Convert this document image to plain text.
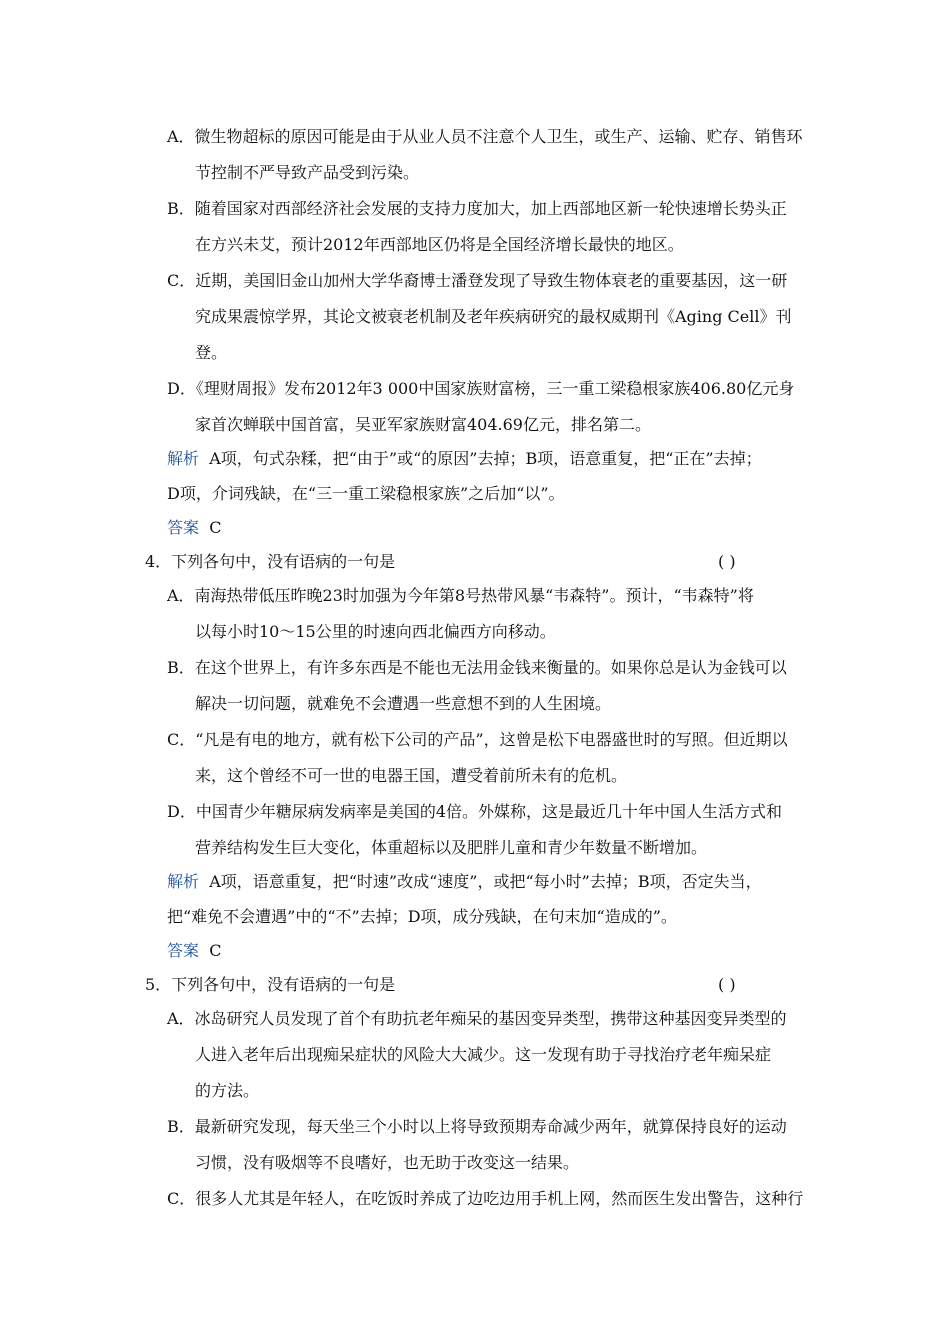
A．微生物超标的原因可能是由于从业人员不注意个人卫生，或生产、运输、贮存、销售环
节控制不严导致产品受到污染。
B．随着国家对西部经济社会发展的支持力度加大，加上西部地区新一轮快速增长势头正
在方兴未艾，预计2012年西部地区仍将是全国经济增长最快的地区。
C．近期，美国旧金山加州大学华裔博士潘登发现了导致生物体衰老的重要基因，这一研
究成果震惊学界，其论文被衰老机制及老年疾病研究的最权威期刊《Aging Cell》刊
登。
D．《理财周报》发布2012年3 000中国家族财富榜，三一重工梁稳根家族406.80亿元身
家首次蝉联中国首富，吴亚军家族财富404.69亿元，排名第二。
解析 A项，句式杂糅，把“由于”或“的原因”去掉；B项，语意重复，把“正在”去掉；
D项，介词残缺，在“三一重工梁稳根家族”之后加“以”。
答案 C
4．下列各句中，没有语病的一句是	( )
A．南海热带低压昨晚23时加强为今年第8号热带风暴“韦森特”。预计，“韦森特”将
以每小时10～15公里的时速向西北偏西方向移动。
B．在这个世界上，有许多东西是不能也无法用金钱来衡量的。如果你总是认为金钱可以
解决一切问题，就难免不会遭遇一些意想不到的人生困境。
C．“凡是有电的地方，就有松下公司的产品”，这曾是松下电器盛世时的写照。但近期以
来，这个曾经不可一世的电器王国，遭受着前所未有的危机。
D．中国青少年糖尿病发病率是美国的4倍。外媒称，这是最近几十年中国人生活方式和
营养结构发生巨大变化，体重超标以及肥胖儿童和青少年数量不断增加。
解析 A项，语意重复，把“时速”改成“速度”，或把“每小时”去掉；B项，否定失当，
把“难免不会遭遇”中的“不”去掉；D项，成分残缺，在句末加“造成的”。
答案 C
5．下列各句中，没有语病的一句是	( )
A．冰岛研究人员发现了首个有助抗老年痴呆的基因变异类型，携带这种基因变异类型的
人进入老年后出现痴呆症状的风险大大减少。这一发现有助于寻找治疗老年痴呆症
的方法。
B．最新研究发现，每天坐三个小时以上将导致预期寿命减少两年，就算保持良好的运动
习惯，没有吸烟等不良嗜好，也无助于改变这一结果。
C．很多人尤其是年轻人，在吃饭时养成了边吃边用手机上网，然而医生发出警告，这种行
